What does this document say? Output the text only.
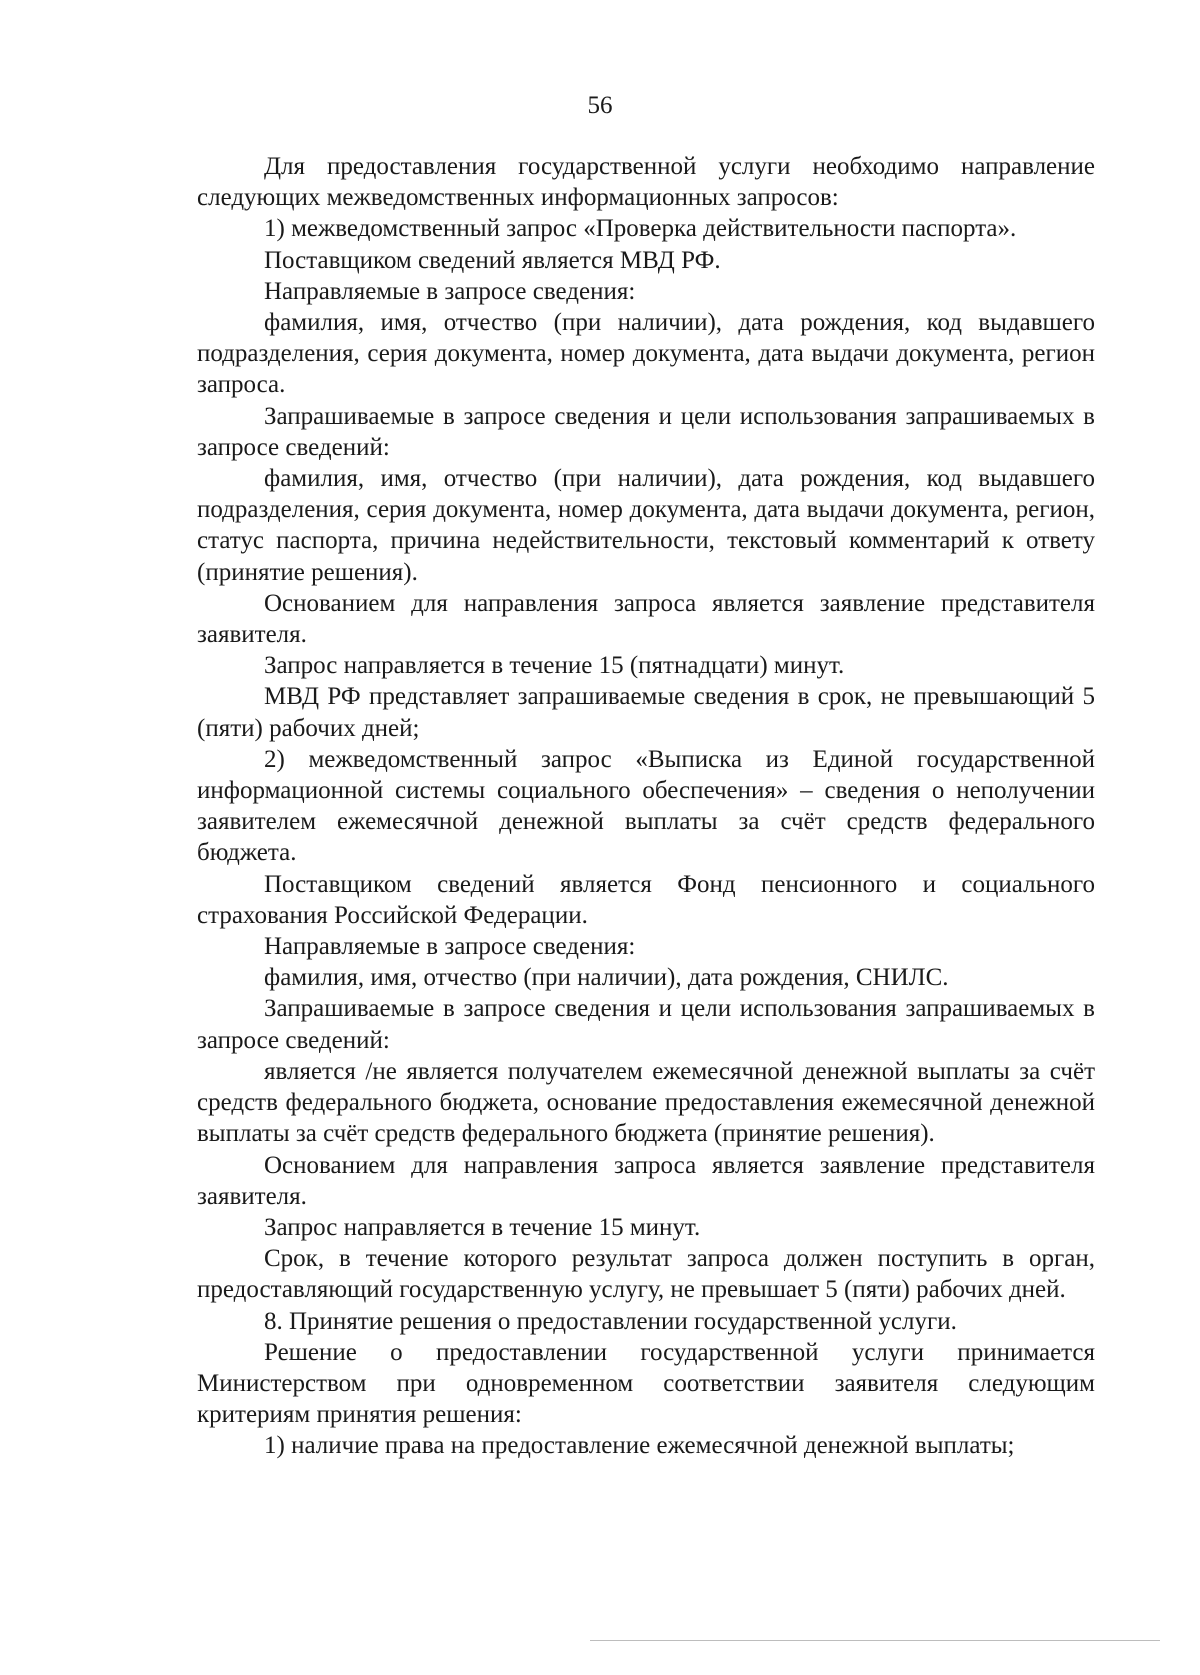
56

Для предоставления государственной услуги необходимо направление следующих межведомственных информационных запросов:

1) межведомственный запрос «Проверка действительности паспорта».

Поставщиком сведений является МВД РФ.

Направляемые в запросе сведения:

фамилия, имя, отчество (при наличии), дата рождения, код выдавшего подразделения, серия документа, номер документа, дата выдачи документа, регион запроса.

Запрашиваемые в запросе сведения и цели использования запрашиваемых в запросе сведений:

фамилия, имя, отчество (при наличии), дата рождения, код выдавшего подразделения, серия документа, номер документа, дата выдачи документа, регион, статус паспорта, причина недействительности, текстовый комментарий к ответу (принятие решения).

Основанием для направления запроса является заявление представителя заявителя.

Запрос направляется в течение 15 (пятнадцати) минут.

МВД РФ представляет запрашиваемые сведения в срок, не превышающий 5 (пяти) рабочих дней;

2) межведомственный запрос «Выписка из Единой государственной информационной системы социального обеспечения» – сведения о неполучении заявителем ежемесячной денежной выплаты за счёт средств федерального бюджета.

Поставщиком сведений является Фонд пенсионного и социального страхования Российской Федерации.

Направляемые в запросе сведения:

фамилия, имя, отчество (при наличии), дата рождения, СНИЛС.

Запрашиваемые в запросе сведения и цели использования запрашиваемых в запросе сведений:

является /не является получателем ежемесячной денежной выплаты за счёт средств федерального бюджета, основание предоставления ежемесячной денежной выплаты за счёт средств федерального бюджета (принятие решения).

Основанием для направления запроса является заявление представителя заявителя.

Запрос направляется в течение 15 минут.

Срок, в течение которого результат запроса должен поступить в орган, предоставляющий государственную услугу, не превышает 5 (пяти) рабочих дней.

8. Принятие решения о предоставлении государственной услуги.

Решение о предоставлении государственной услуги принимается Министерством при одновременном соответствии заявителя следующим критериям принятия решения:

1) наличие права на предоставление ежемесячной денежной выплаты;
